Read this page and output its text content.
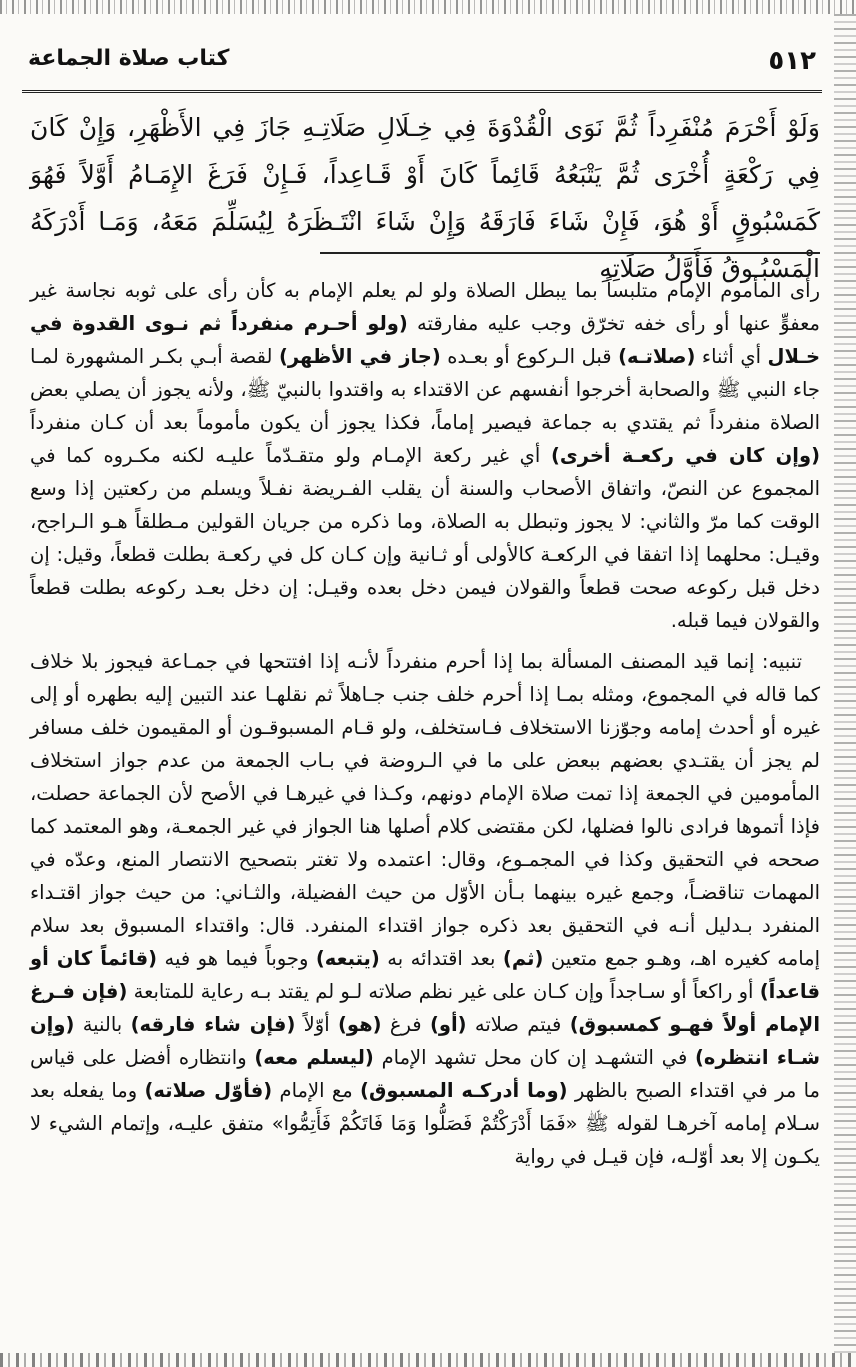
٥١٢
كتاب صلاة الجماعة
وَلَوْ أَحْرَمَ مُنْفَرِداً ثُمَّ نَوَى الْقُدْوَةَ فِي خِـلَالِ صَلَاتِـهِ جَازَ فِي الأَظْهَرِ، وَإِنْ كَانَ فِي رَكْعَةٍ أُخْرَى ثُمَّ يَتْبَعُهُ قَائِماً كَانَ أَوْ قَـاعِداً، فَـإِنْ فَرَغَ الإِمَـامُ أَوَّلاً فَهُوَ كَمَسْبُوقٍ أَوْ هُوَ، فَإِنْ شَاءَ فَارَقَهُ وَإِنْ شَاءَ انْتَـظَرَهُ لِيُسَلِّمَ مَعَهُ، وَمَـا أَدْرَكَهُ الْمَسْبُـوقُ فَأَوَّلُ صَلَاتِهِ

رأى المأموم الإمام متلبساً بما يبطل الصلاة ولو لم يعلم الإمام به كأن رأى على ثوبه نجاسة غير معفوٍّ عنها أو رأى خفه تخرّق وجب عليه مفارقته (ولو أحـرم منفرداً ثم نـوى القدوة في خـلال أي أثناء (صلاتـه) قبل الـركوع أو بعـده (جاز في الأظهر) لقصة أبـي بكـر المشهورة لمـا جاء النبي ﷺ والصحابة أخرجوا أنفسهم عن الاقتداء به واقتدوا بالنبيّ ﷺ، ولأنه يجوز أن يصلي بعض الصلاة منفرداً ثم يقتدي به جماعة فيصير إماماً، فكذا يجوز أن يكون مأموماً بعد أن كـان منفرداً (وإن كان في ركعـة أخرى) أي غير ركعة الإمـام ولو متقـدّماً عليـه لكنه مكـروه كما في المجموع عن النصّ، واتفاق الأصحاب والسنة أن يقلب الفـريضة نفـلاً ويسلم من ركعتين إذا وسع الوقت كما مرّ والثاني: لا يجوز وتبطل به الصلاة، وما ذكره من جريان القولين مـطلقاً هـو الـراجح، وقيـل: محلهما إذا اتفقا في الركعـة كالأولى أو ثـانية وإن كـان كل في ركعـة بطلت قطعاً، وقيل: إن دخل قبل ركوعه صحت قطعاً والقولان فيمن دخل بعده وقيـل: إن دخل بعـد ركوعه بطلت قطعاً والقولان فيما قبله.

تنبيه: إنما قيد المصنف المسألة بما إذا أحرم منفرداً لأنـه إذا افتتحها في جمـاعة فيجوز بلا خلاف كما قاله في المجموع، ومثله بمـا إذا أحرم خلف جنب جـاهلاً ثم نقلهـا عند التبين إليه بطهره أو إلى غيره أو أحدث إمامه وجوّزنا الاستخلاف فـاستخلف، ولو قـام المسبوقـون أو المقيمون خلف مسافر لم يجز أن يقتـدي بعضهم ببعض على ما في الـروضة في بـاب الجمعة من عدم جواز استخلاف المأمومين في الجمعة إذا تمت صلاة الإمام دونهم، وكـذا في غيرهـا في الأصح لأن الجماعة حصلت، فإذا أتموها فرادى نالوا فضلها، لكن مقتضى كلام أصلها هنا الجواز في غير الجمعـة، وهو المعتمد كما صححه في التحقيق وكذا في المجمـوع، وقال: اعتمده ولا تغتر بتصحيح الانتصار المنع، وعدّه في المهمات تناقضـاً، وجمع غيره بينهما بـأن الأوّل من حيث الفضيلة، والثـاني: من حيث جواز اقتـداء المنفرد بـدليل أنـه في التحقيق بعد ذكره جواز اقتداء المنفرد. قال: واقتداء المسبوق بعد سلام إمامه كغيره اهـ، وهـو جمع متعين (ثم) بعد اقتدائه به (يتبعه) وجوباً فيما هو فيه (قائماً كان أو قاعداً) أو راكعاً أو سـاجداً وإن كـان على غير نظم صلاته لـو لم يقتد بـه رعاية للمتابعة (فإن فـرغ الإمام أولاً فهـو كمسبوق) فيتم صلاته (أو) فرغ (هو) أوّلاً (فإن شاء فارقه) بالنية (وإن شـاء انتظره) في التشهـد إن كان محل تشهد الإمام (ليسلم معه) وانتظاره أفضل على قياس ما مر في اقتداء الصبح بالظهر (وما أدركـه المسبوق) مع الإمام (فأوّل صلاته) وما يفعله بعد سـلام إمامه آخرهـا لقوله ﷺ «فَمَا أَدْرَكْتُمْ فَصَلُّوا وَمَا فَاتَكُمْ فَأَتِمُّوا» متفق عليـه، وإتمام الشيء لا يكـون إلا بعد أوّلـه، فإن قيـل في رواية
